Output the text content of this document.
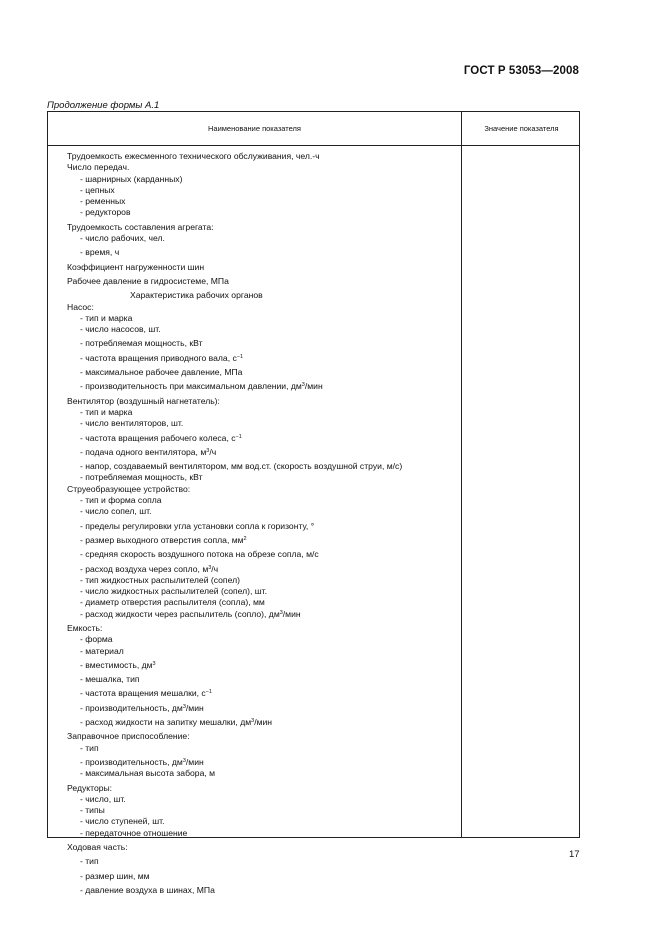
ГОСТ Р 53053—2008
Продолжение формы А.1
Наименование показателя	Значение показателя
Трудоемкость ежесменного технического обслуживания, чел.-ч
Число передач.
- шарнирных (карданных)
- цепных
- ременных
- редукторов
Трудоемкость составления агрегата:
- число рабочих, чел.
- время, ч
Коэффициент нагруженности шин
Рабочее давление в гидросистеме, МПа
Характеристика рабочих органов
Насос:
- тип и марка
- число насосов, шт.
- потребляемая мощность, кВт
- частота вращения приводного вала, $с^{-1}$
- максимальное рабочее давление, МПа
- производительность при максимальном давлении, $дм^3$/мин
Вентилятор (воздушный нагнетатель):
- тип и марка
- число вентиляторов, шт.
- частота вращения рабочего колеса, $с^{-1}$
- подача одного вентилятора, $м^3/ч$
- напор, создаваемый вентилятором, мм вод.ст. (скорость воздушной струи, м/с)
- потребляемая мощность, кВт
Струеобразующее устройство:
- тип и форма сопла
- число сопел, шт.
- пределы регулировки угла установки сопла к горизонту, °
- размер выходного отверстия сопла, $мм^2$
- средняя скорость воздушного потока на обрезе сопла, м/с
- расход воздуха через сопло, $м^3/ч$
- тип жидкостных распылителей (сопел)
- число жидкостных распылителей (сопел), шт.
- диаметр отверстия распылителя (сопла), мм
- расход жидкости через распылитель (сопло), $дм^3$/мин
Емкость:
- форма
- материал
- вместимость, $дм^3$
- мешалка, тип
- частота вращения мешалки, $с^{-1}$
- производительность, $дм^3$/мин
- расход жидкости на запитку мешалки, $дм^3$/мин
Заправочное приспособление:
- тип
- производительность, $дм^3$/мин
- максимальная высота забора, м
Редукторы:
- число, шт.
- типы
- число ступеней, шт.
- передаточное отношение
Ходовая часть:
- тип
- размер шин, мм
- давление воздуха в шинах, МПа
17
